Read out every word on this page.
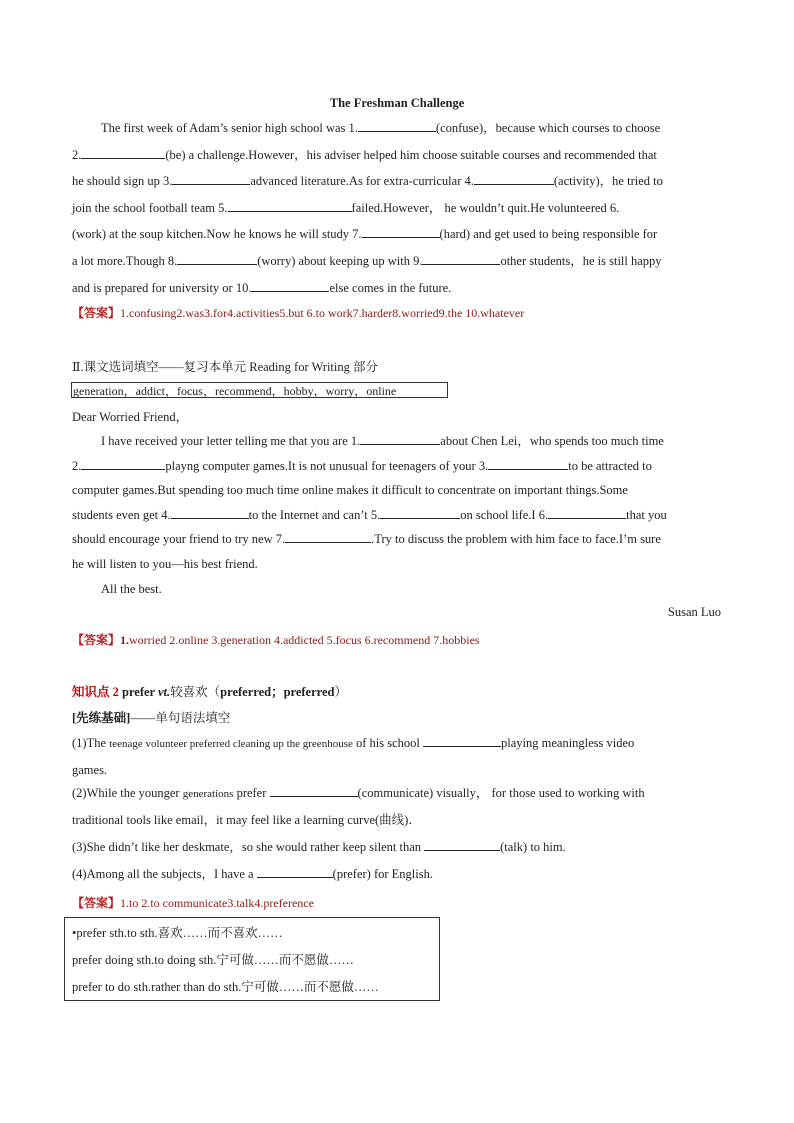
The Freshman Challenge

The first week of Adam’s senior high school was 1.	(confuse)，because which courses to choose

2.	(be) a challenge.However，his adviser helped him choose suitable courses and recommended that

he should sign up 3.	advanced literature.As for extra-curricular 4.	(activity)，he tried to

join the school football team 5.	failed.However， he wouldn’t quit.He volunteered 6.

(work) at the soup kitchen.Now he knows he will study 7.	(hard) and get used to being responsible for

a lot more.Though 8.	(worry) about keeping up with 9.	other students，he is still happy

and is prepared for university or 10.	else comes in the future.

【答案】1.confusing2.was3.for4.activities5.but 6.to work7.harder8.worried9.the 10.whatever
Ⅱ.课文选词填空——复习本单元 Reading for Writing 部分
generation，addict，focus，recommend，hobby，worry，online
Dear Worried Friend，

I have received your letter telling me that you are 1.	about Chen Lei，who spends too much time

2.	playng computer games.It is not unusual for teenagers of your 3.	to be attracted to

computer games.But spending too much time online makes it difficult to concentrate on important things.Some

students even get 4.	to the Internet and can’t 5.	on school life.I 6.	that you

should encourage your friend to try new 7.	.Try to discuss the problem with him face to face.I’m sure

he will listen to you—his best friend.

All the best.

Susan Luo
【答案】1.worried 2.online 3.generation 4.addicted 5.focus 6.recommend 7.hobbies
知识点 2 prefer vt.较喜欢（preferred；preferred）
[先练基础]——单句语法填空

(1)The teenage volunteer preferred cleaning up the greenhouse of his school	playing meaningless video

games.

(2)While the younger generations prefer	(communicate) visually， for those used to working with

traditional tools like email，it may feel like a learning curve(曲线)．

(3)She didn’t like her deskmate，so she would rather keep silent than	(talk) to him.

(4)Among all the subjects，I have a	(prefer) for English.

【答案】1.to 2.to communicate3.talk4.preference
•prefer sth.to sth.喜欢……而不喜欢……
prefer doing sth.to doing sth.宁可做……而不愿做……
prefer to do sth.rather than do sth.宁可做……而不愿做……
